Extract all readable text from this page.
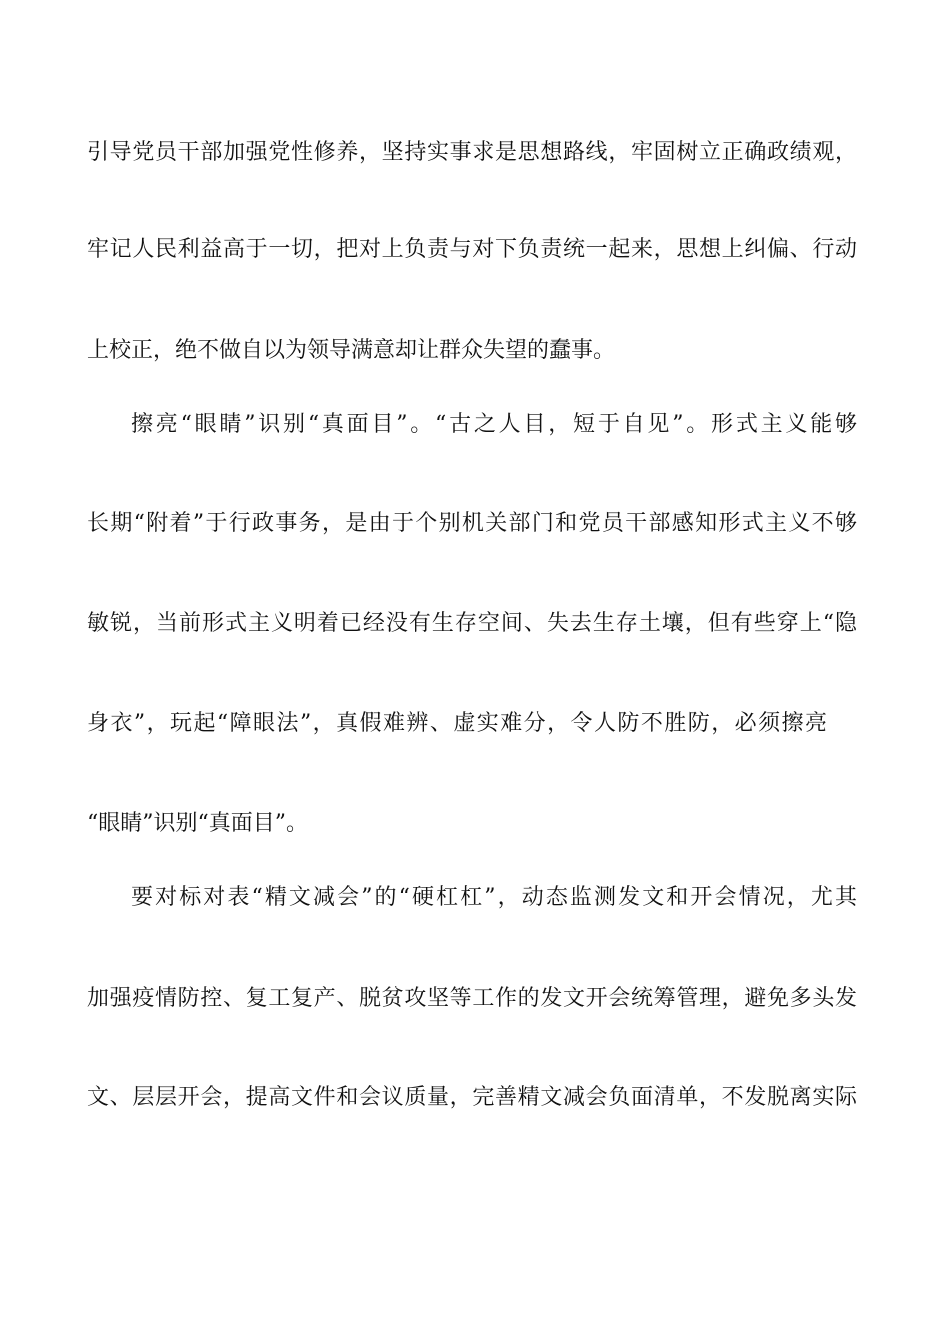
引导党员干部加强党性修养，坚持实事求是思想路线，牢固树立正确政绩观，
牢记人民利益高于一切，把对上负责与对下负责统一起来，思想上纠偏、行动
上校正，绝不做自以为领导满意却让群众失望的蠢事。
擦亮“眼睛”识别“真面目”。“古之人目，短于自见”。形式主义能够
长期“附着”于行政事务，是由于个别机关部门和党员干部感知形式主义不够
敏锐，当前形式主义明着已经没有生存空间、失去生存土壤，但有些穿上“隐
身衣”，玩起“障眼法”，真假难辨、虚实难分，令人防不胜防，必须擦亮
“眼睛”识别“真面目”。
要对标对表“精文减会”的“硬杠杠”，动态监测发文和开会情况，尤其
加强疫情防控、复工复产、脱贫攻坚等工作的发文开会统筹管理，避免多头发
文、层层开会，提高文件和会议质量，完善精文减会负面清单，不发脱离实际
